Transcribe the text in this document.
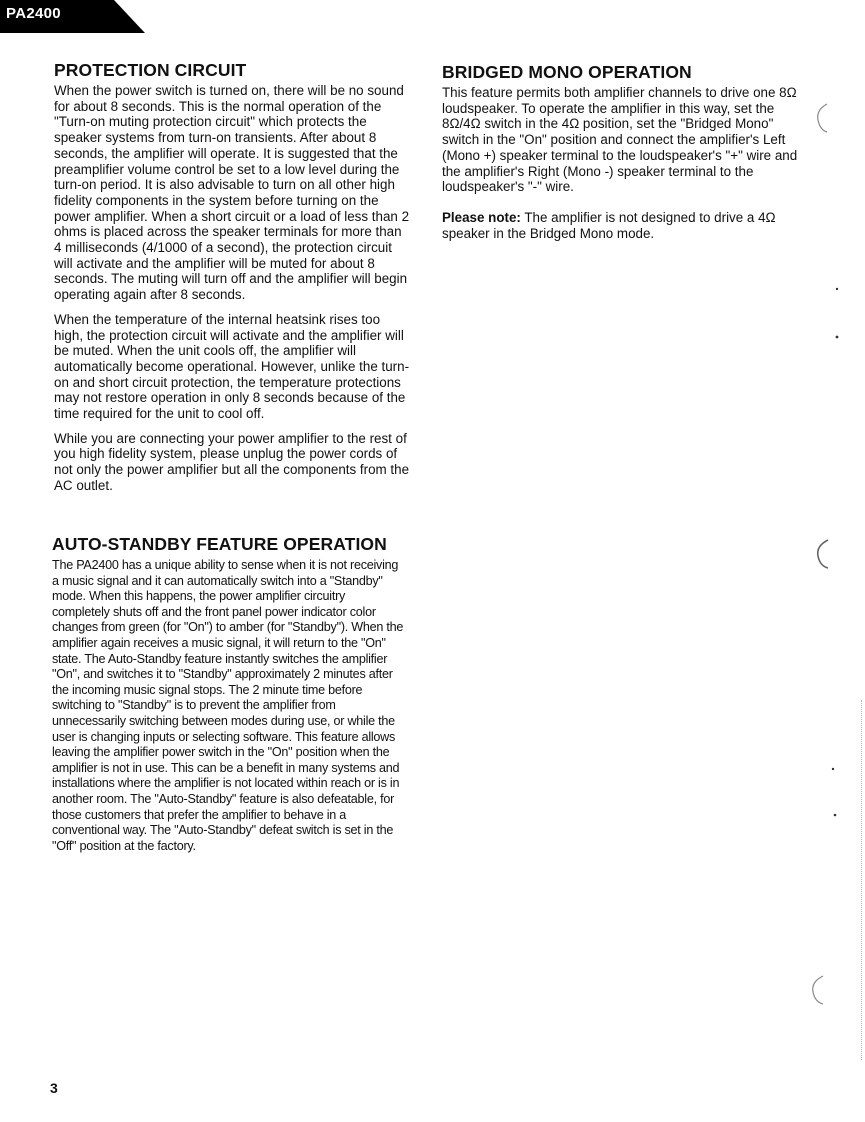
PA2400
PROTECTION CIRCUIT

When the power switch is turned on, there will be no sound for about 8 seconds. This is the normal operation of the "Turn-on muting protection circuit" which protects the speaker systems from turn-on transients. After about 8 seconds, the amplifier will operate. It is suggested that the preamplifier volume control be set to a low level during the turn-on period. It is also advisable to turn on all other high fidelity components in the system before turning on the power amplifier. When a short circuit or a load of less than 2 ohms is placed across the speaker terminals for more than 4 milliseconds (4/1000 of a second), the protection circuit will activate and the amplifier will be muted for about 8 seconds. The muting will turn off and the amplifier will begin operating again after 8 seconds.

When the temperature of the internal heatsink rises too high, the protection circuit will activate and the amplifier will be muted. When the unit cools off, the amplifier will automatically become operational. However, unlike the turn-on and short circuit protection, the temperature protections may not restore operation in only 8 seconds because of the time required for the unit to cool off.

While you are connecting your power amplifier to the rest of you high fidelity system, please unplug the power cords of not only the power amplifier but all the components from the AC outlet.

BRIDGED MONO OPERATION

This feature permits both amplifier channels to drive one 8Ω loudspeaker. To operate the amplifier in this way, set the 8Ω/4Ω switch in the 4Ω position, set the "Bridged Mono" switch in the "On" position and connect the amplifier's Left (Mono +) speaker terminal to the loudspeaker's "+" wire and the amplifier's Right (Mono -) speaker terminal to the loudspeaker's "-" wire.

Please note: The amplifier is not designed to drive a 4Ω speaker in the Bridged Mono mode.

AUTO-STANDBY FEATURE OPERATION

The PA2400 has a unique ability to sense when it is not receiving a music signal and it can automatically switch into a "Standby" mode. When this happens, the power amplifier circuitry completely shuts off and the front panel power indicator color changes from green (for "On") to amber (for "Standby"). When the amplifier again receives a music signal, it will return to the "On" state. The Auto-Standby feature instantly switches the amplifier "On", and switches it to "Standby" approximately 2 minutes after the incoming music signal stops. The 2 minute time before switching to "Standby" is to prevent the amplifier from unnecessarily switching between modes during use, or while the user is changing inputs or selecting software. This feature allows leaving the amplifier power switch in the "On" position when the amplifier is not in use. This can be a benefit in many systems and installations where the amplifier is not located within reach or is in another room. The "Auto-Standby" feature is also defeatable, for those customers that prefer the amplifier to behave in a conventional way. The "Auto-Standby" defeat switch is set in the "Off" position at the factory.

3
